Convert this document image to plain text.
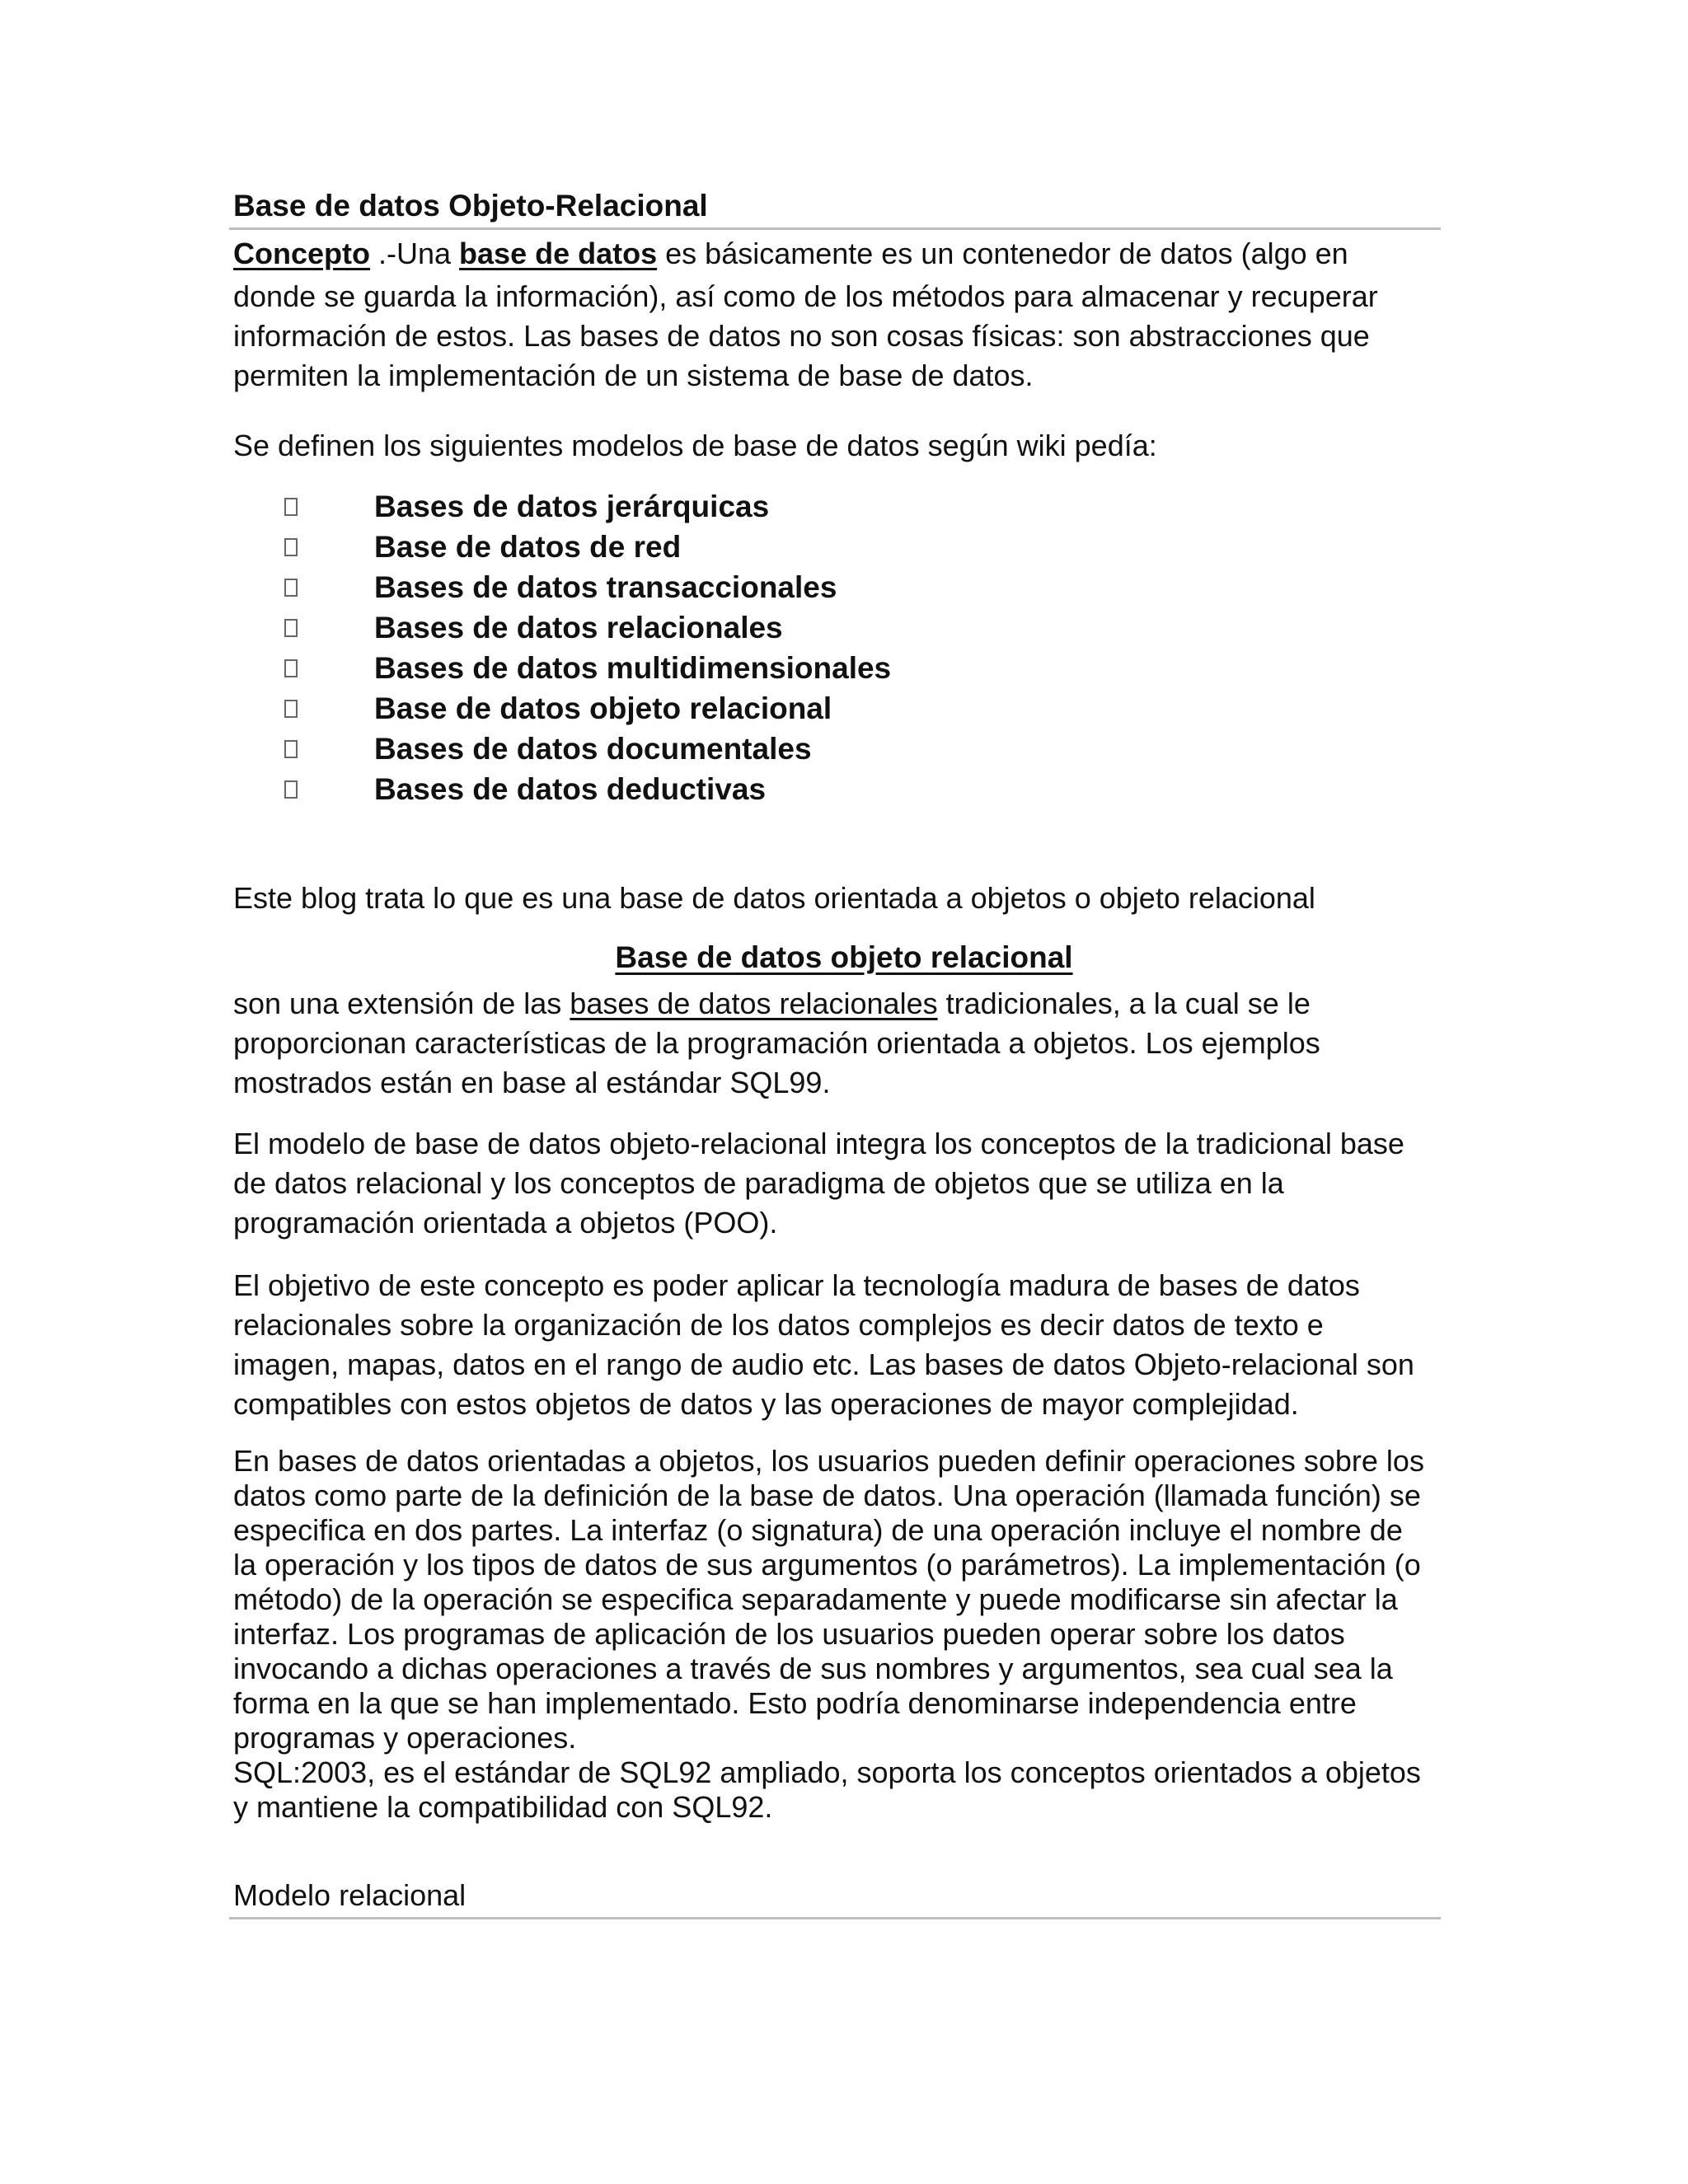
Base de datos Objeto-Relacional
Concepto .-Una base de datos es básicamente es un contenedor de datos (algo en
donde se guarda la información), así como de los métodos para almacenar y recuperar
información de estos. Las bases de datos no son cosas físicas: son abstracciones que
permiten la implementación de un sistema de base de datos.
Se definen los siguientes modelos de base de datos según wiki pedía:
Bases de datos jerárquicas
Base de datos de red
Bases de datos transaccionales
Bases de datos relacionales
Bases de datos multidimensionales
Base de datos objeto relacional
Bases de datos documentales
Bases de datos deductivas
Este blog trata lo que es una base de datos orientada a objetos o objeto relacional
Base de datos objeto relacional
son una extensión de las bases de datos relacionales tradicionales, a la cual se le
proporcionan características de la programación orientada a objetos. Los ejemplos
mostrados están en base al estándar SQL99.
El modelo de base de datos objeto-relacional integra los conceptos de la tradicional base
de datos relacional y los conceptos de paradigma de objetos que se utiliza en la
programación orientada a objetos (POO).
El objetivo de este concepto es poder aplicar la tecnología madura de bases de datos
relacionales sobre la organización de los datos complejos es decir datos de texto e
imagen, mapas, datos en el rango de audio etc. Las bases de datos Objeto-relacional son
compatibles con estos objetos de datos y las operaciones de mayor complejidad.
En bases de datos orientadas a objetos, los usuarios pueden definir operaciones sobre los
datos como parte de la definición de la base de datos. Una operación (llamada función) se
especifica en dos partes. La interfaz (o signatura) de una operación incluye el nombre de
la operación y los tipos de datos de sus argumentos (o parámetros). La implementación (o
método) de la operación se especifica separadamente y puede modificarse sin afectar la
interfaz. Los programas de aplicación de los usuarios pueden operar sobre los datos
invocando a dichas operaciones a través de sus nombres y argumentos, sea cual sea la
forma en la que se han implementado. Esto podría denominarse independencia entre
programas y operaciones.
SQL:2003, es el estándar de SQL92 ampliado, soporta los conceptos orientados a objetos
y mantiene la compatibilidad con SQL92.
Modelo relacional
